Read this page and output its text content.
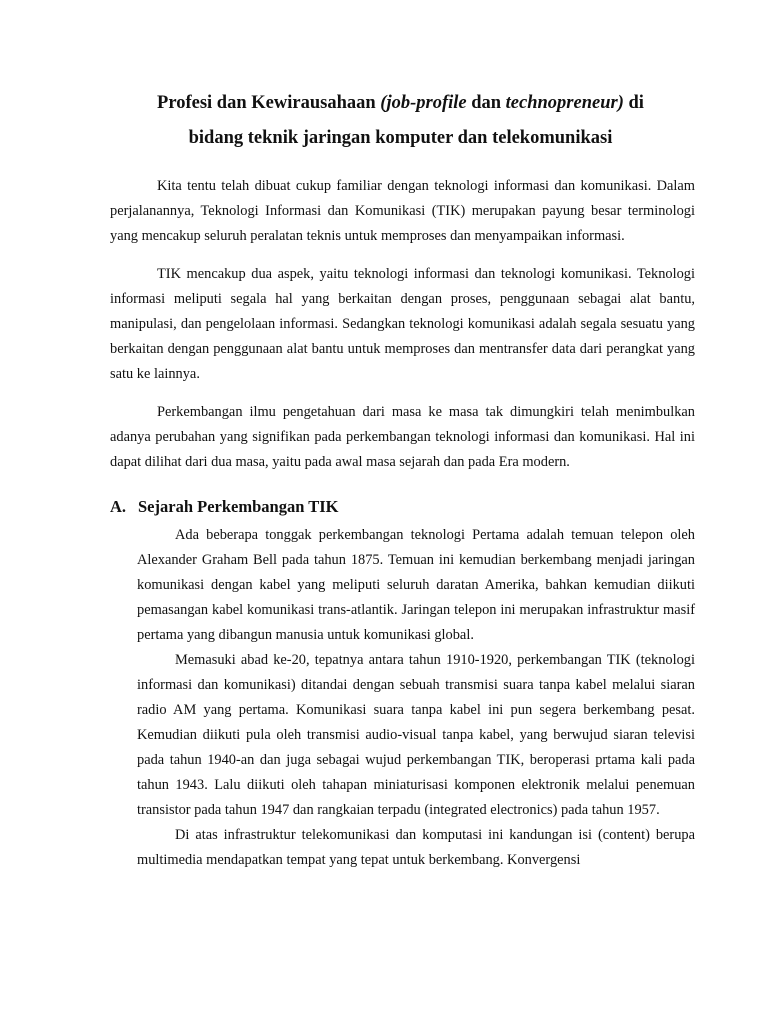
Profesi dan Kewirausahaan (job-profile dan technopreneur) di
bidang teknik jaringan komputer dan telekomunikasi

Kita tentu telah dibuat cukup familiar dengan teknologi informasi dan komunikasi. Dalam perjalanannya, Teknologi Informasi dan Komunikasi (TIK) merupakan payung besar terminologi yang mencakup seluruh peralatan teknis untuk memproses dan menyampaikan informasi.

TIK mencakup dua aspek, yaitu teknologi informasi dan teknologi komunikasi. Teknologi informasi meliputi segala hal yang berkaitan dengan proses, penggunaan sebagai alat bantu, manipulasi, dan pengelolaan informasi. Sedangkan teknologi komunikasi adalah segala sesuatu yang berkaitan dengan penggunaan alat bantu untuk memproses dan mentransfer data dari perangkat yang satu ke lainnya.

Perkembangan ilmu pengetahuan dari masa ke masa tak dimungkiri telah menimbulkan adanya perubahan yang signifikan pada perkembangan teknologi informasi dan komunikasi. Hal ini dapat dilihat dari dua masa, yaitu pada awal masa sejarah dan pada Era modern.

A. Sejarah Perkembangan TIK

Ada beberapa tonggak perkembangan teknologi Pertama adalah temuan telepon oleh Alexander Graham Bell pada tahun 1875. Temuan ini kemudian berkembang menjadi jaringan komunikasi dengan kabel yang meliputi seluruh daratan Amerika, bahkan kemudian diikuti pemasangan kabel komunikasi trans-atlantik. Jaringan telepon ini merupakan infrastruktur masif pertama yang dibangun manusia untuk komunikasi global.

Memasuki abad ke-20, tepatnya antara tahun 1910-1920, perkembangan TIK (teknologi informasi dan komunikasi) ditandai dengan sebuah transmisi suara tanpa kabel melalui siaran radio AM yang pertama. Komunikasi suara tanpa kabel ini pun segera berkembang pesat. Kemudian diikuti pula oleh transmisi audio-visual tanpa kabel, yang berwujud siaran televisi pada tahun 1940-an dan juga sebagai wujud perkembangan TIK, beroperasi prtama kali pada tahun 1943. Lalu diikuti oleh tahapan miniaturisasi komponen elektronik melalui penemuan transistor pada tahun 1947 dan rangkaian terpadu (integrated electronics) pada tahun 1957.

Di atas infrastruktur telekomunikasi dan komputasi ini kandungan isi (content) berupa multimedia mendapatkan tempat yang tepat untuk berkembang. Konvergensi
